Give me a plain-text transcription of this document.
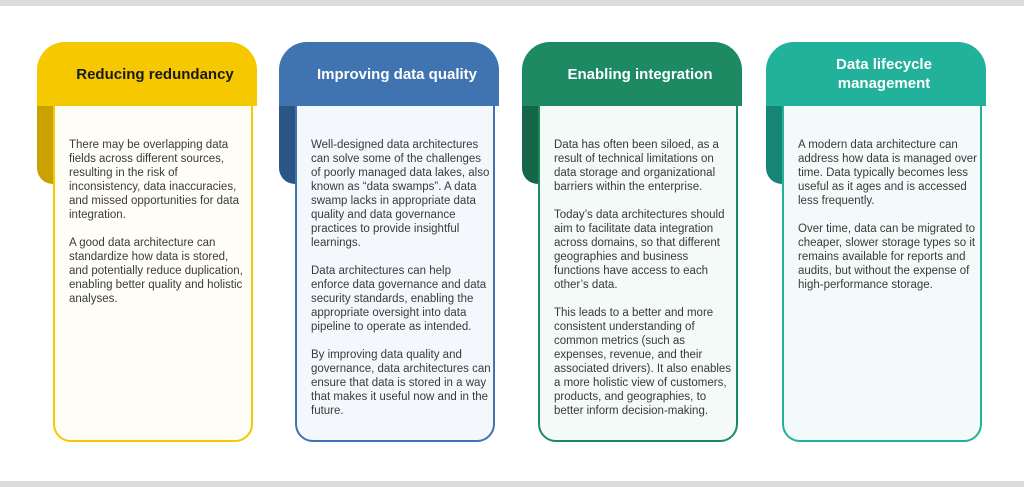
Reducing redundancy

There may be overlapping data fields across different sources, resulting in the risk of inconsistency, data inaccuracies, and missed opportunities for data integration.

A good data architecture can standardize how data is stored, and potentially reduce duplication, enabling better quality and holistic analyses.

Improving data quality

Well-designed data architectures can solve some of the challenges of poorly managed data lakes, also known as “data swamps”. A data swamp lacks in appropriate data quality and data governance practices to provide insightful learnings.

Data architectures can help enforce data governance and data security standards, enabling the appropriate oversight into data pipeline to operate as intended.

By improving data quality and governance, data architectures can ensure that data is stored in a way that makes it useful now and in the future.

Enabling integration

Data has often been siloed, as a result of technical limitations on data storage and organizational barriers within the enterprise.

Today’s data architectures should aim to facilitate data integration across domains, so that different geographies and business functions have access to each other’s data.

This leads to a better and more consistent understanding of common metrics (such as expenses, revenue, and their associated drivers). It also enables a more holistic view of customers, products, and geographies, to better inform decision-making.

Data lifecycle management

A modern data architecture can address how data is managed over time. Data typically becomes less useful as it ages and is accessed less frequently.

Over time, data can be migrated to cheaper, slower storage types so it remains available for reports and audits, but without the expense of high-performance storage.
